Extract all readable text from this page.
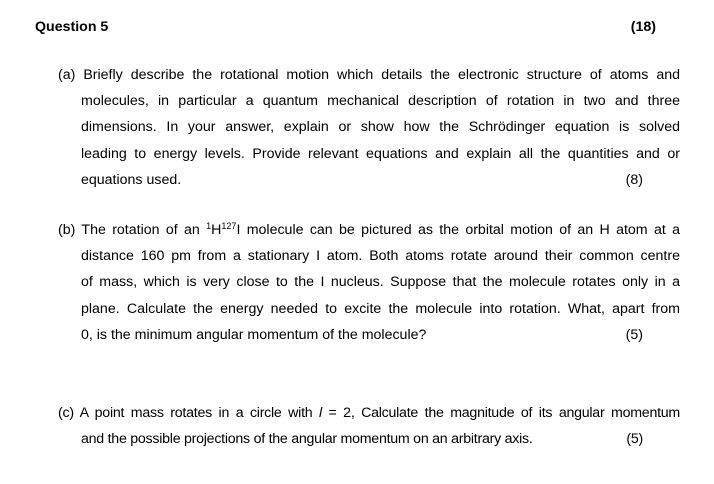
Question 5	(18)
(a) Briefly describe the rotational motion which details the electronic structure of atoms and
molecules, in particular a quantum mechanical description of rotation in two and three
dimensions. In your answer, explain or show how the Schrödinger equation is solved
leading to energy levels. Provide relevant equations and explain all the quantities and or
equations used.	(8)
(b) The rotation of an $^1H^{127}I$ molecule can be pictured as the orbital motion of an H atom at a
distance 160 pm from a stationary I atom. Both atoms rotate around their common centre
of mass, which is very close to the I nucleus. Suppose that the molecule rotates only in a
plane. Calculate the energy needed to excite the molecule into rotation. What, apart from
0, is the minimum angular momentum of the molecule?	(5)
(c) A point mass rotates in a circle with l = 2, Calculate the magnitude of its angular momentum
and the possible projections of the angular momentum on an arbitrary axis.	(5)
